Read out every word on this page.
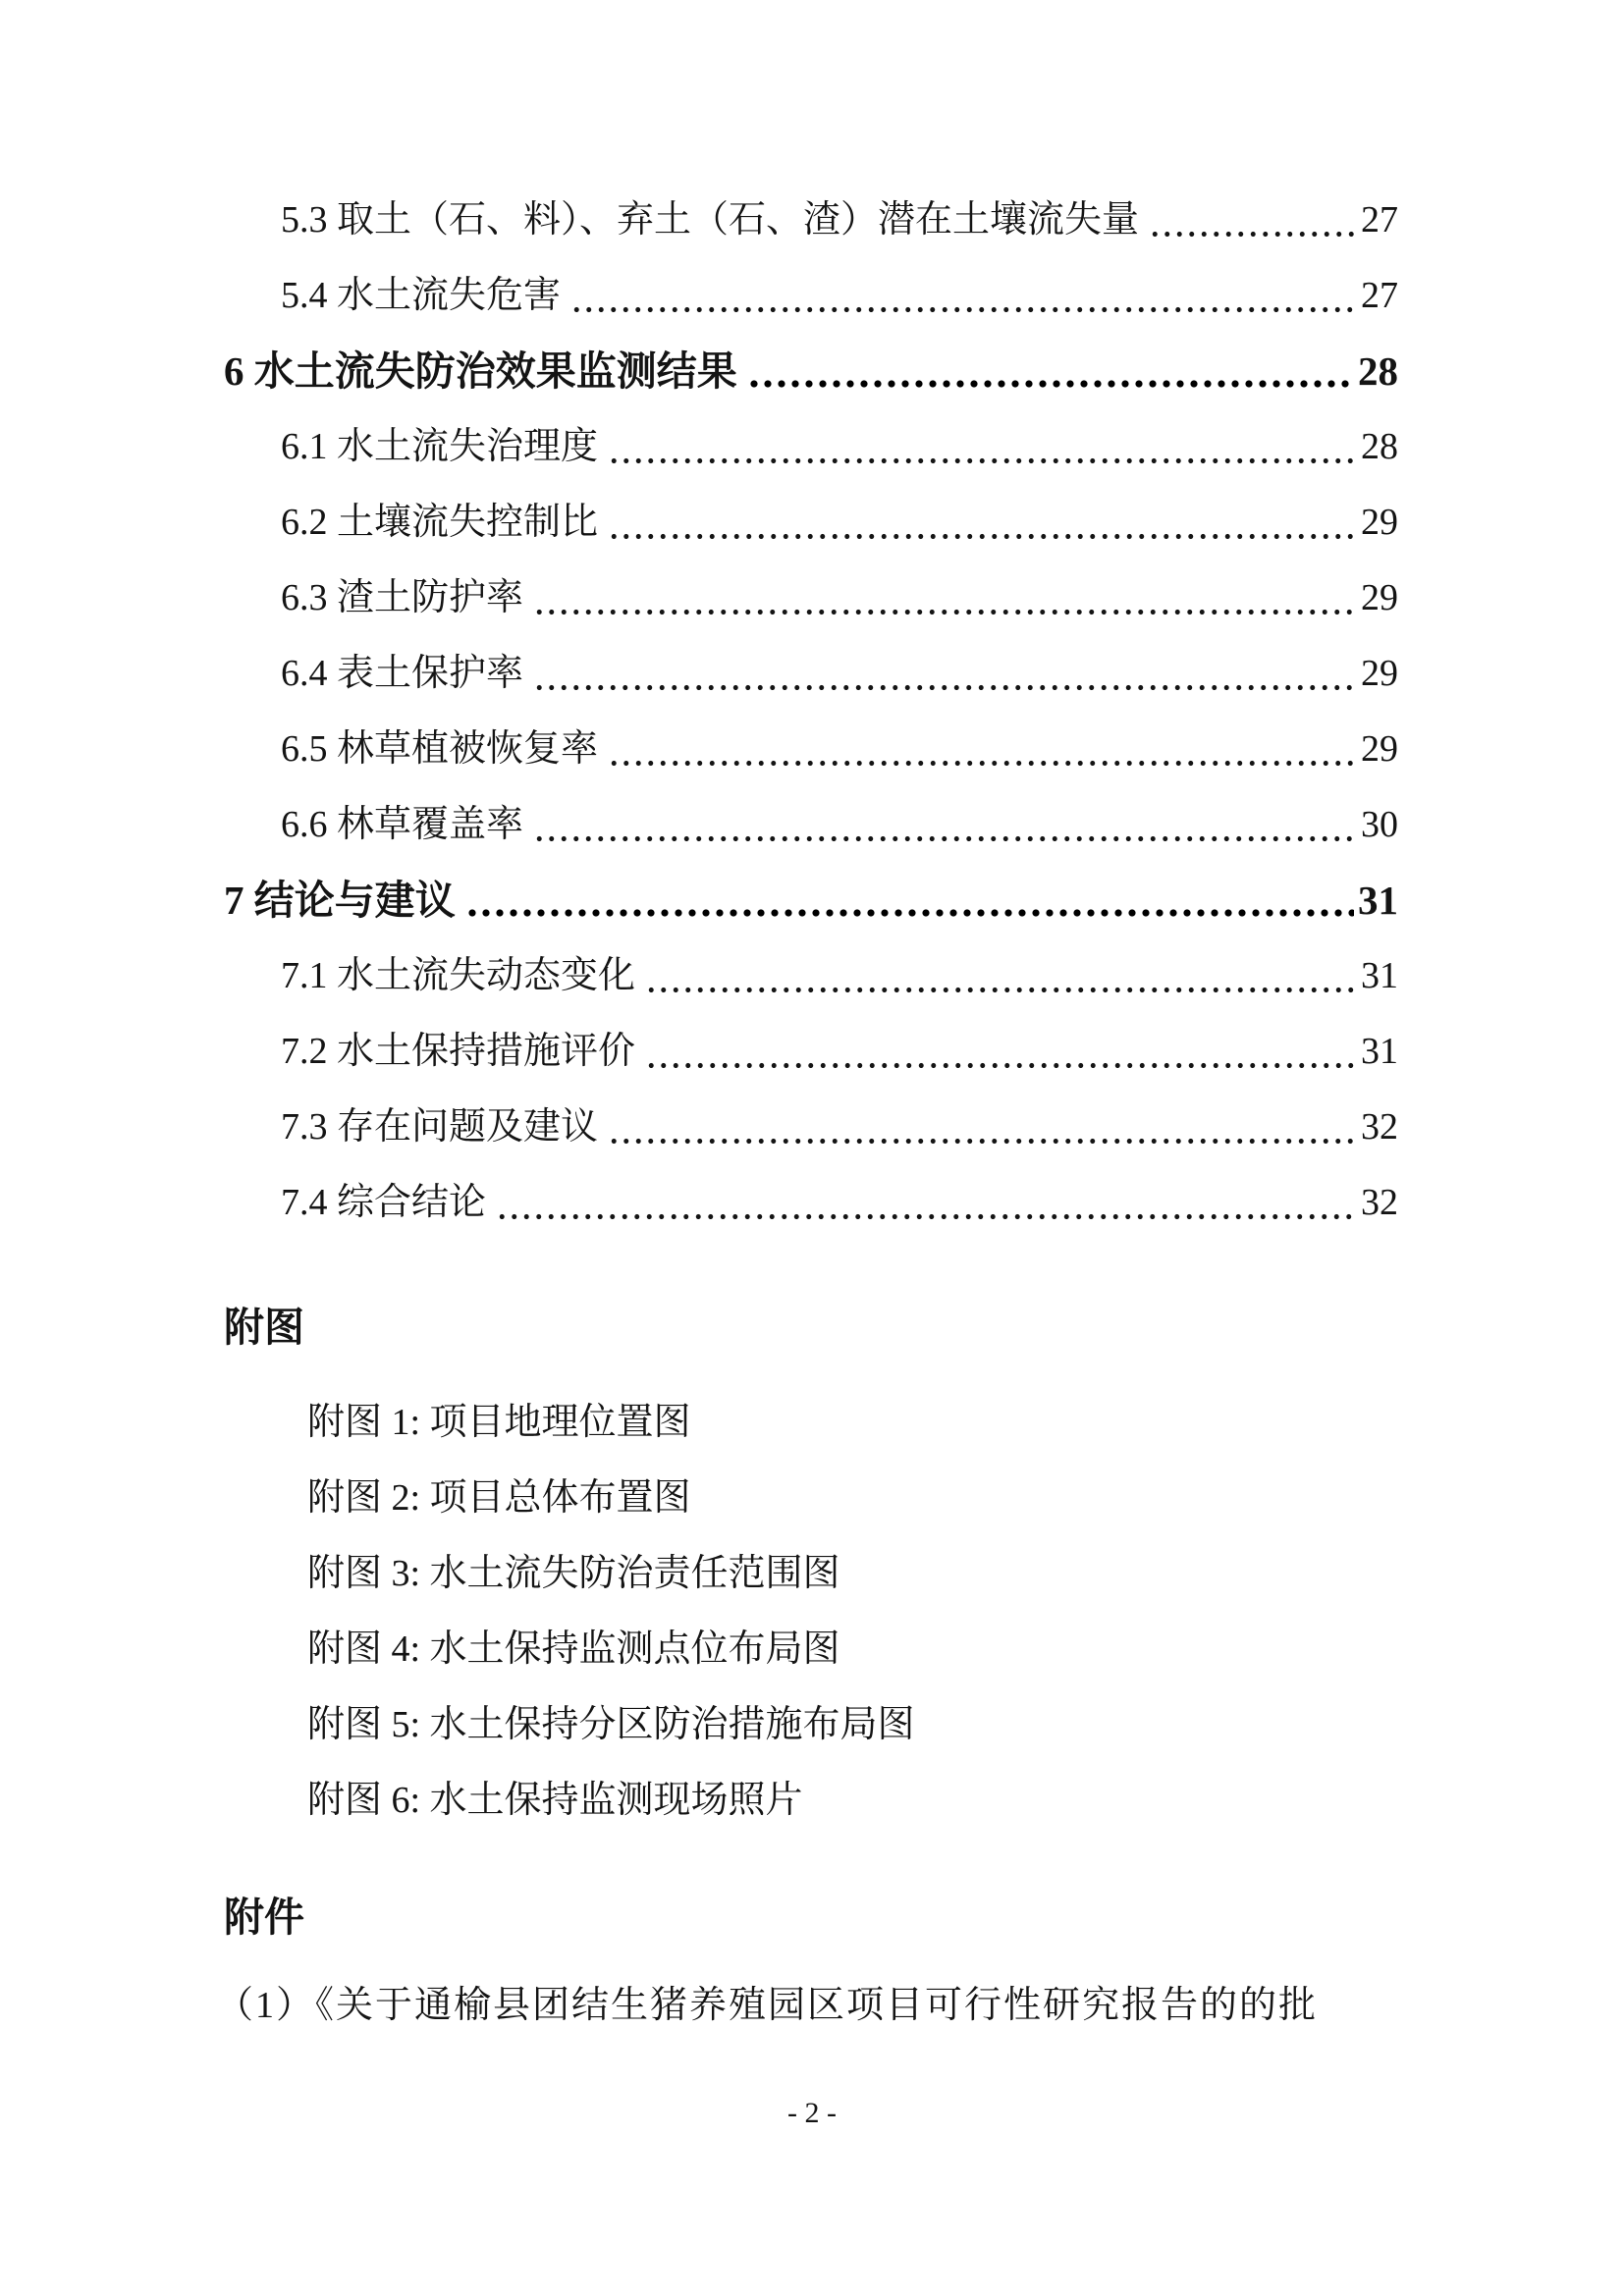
5.3 取土（石、料）、弃土（石、渣）潜在土壤流失量	27
5.4 水土流失危害	27
6 水土流失防治效果监测结果	28
6.1 水土流失治理度	28
6.2 土壤流失控制比	29
6.3 渣土防护率	29
6.4 表土保护率	29
6.5 林草植被恢复率	29
6.6 林草覆盖率	30
7 结论与建议	31
7.1 水土流失动态变化	31
7.2 水土保持措施评价	31
7.3 存在问题及建议	32
7.4 综合结论	32
附图
附图 1: 项目地理位置图
附图 2: 项目总体布置图
附图 3: 水土流失防治责任范围图
附图 4: 水土保持监测点位布局图
附图 5: 水土保持分区防治措施布局图
附图 6: 水土保持监测现场照片
附件
（1）《关于通榆县团结生猪养殖园区项目可行性研究报告的的批
- 2 -
